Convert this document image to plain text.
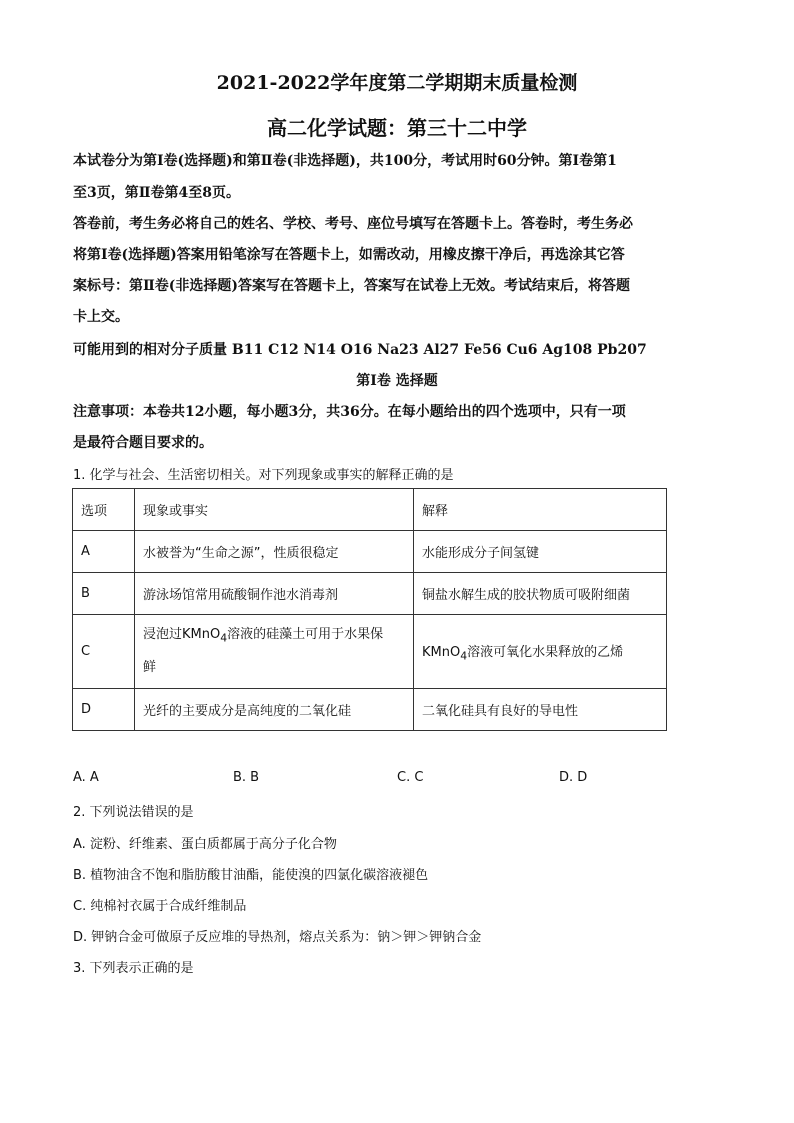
2021-2022学年度第二学期期末质量检测
高二化学试题：第三十二中学
本试卷分为第Ⅰ卷(选择题)和第Ⅱ卷(非选择题)，共100分，考试用时60分钟。第Ⅰ卷第1
至3页，第Ⅱ卷第4至8页。
答卷前，考生务必将自己的姓名、学校、考号、座位号填写在答题卡上。答卷时，考生务必
将第Ⅰ卷(选择题)答案用铅笔涂写在答题卡上，如需改动，用橡皮擦干净后，再选涂其它答
案标号：第Ⅱ卷(非选择题)答案写在答题卡上，答案写在试卷上无效。考试结束后，将答题
卡上交。
可能用到的相对分子质量 B11 C12 N14 O16 Na23 Al27 Fe56 Cu6 Ag108 Pb207
第Ⅰ卷 选择题
注意事项：本卷共12小题，每小题3分，共36分。在每小题给出的四个选项中，只有一项
是最符合题目要求的。
1. 化学与社会、生活密切相关。对下列现象或事实的解释正确的是
选项	现象或事实	解释
A	水被誉为“生命之源”，性质很稳定	水能形成分子间氢键
B	游泳场馆常用硫酸铜作池水消毒剂	铜盐水解生成的胶状物质可吸附细菌
C	浸泡过KMnO$_4$溶液的硅藻土可用于水果保
鲜	KMnO$_4$溶液可氧化水果释放的乙烯
D	光纤的主要成分是高纯度的二氧化硅	二氧化硅具有良好的导电性
A. A	B. B	C. C	D. D
2. 下列说法错误的是
A. 淀粉、纤维素、蛋白质都属于高分子化合物
B. 植物油含不饱和脂肪酸甘油酯，能使溴的四氯化碳溶液褪色
C. 纯棉衬衣属于合成纤维制品
D. 钾钠合金可做原子反应堆的导热剂，熔点关系为：钠＞钾＞钾钠合金
3. 下列表示正确的是
